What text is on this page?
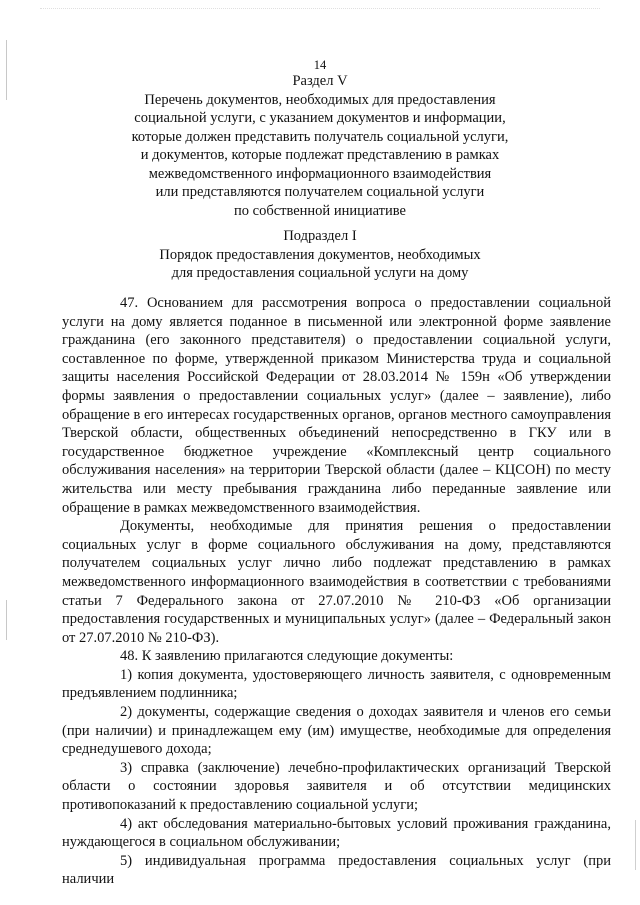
14
Раздел V
Перечень документов, необходимых для предоставления
социальной услуги, с указанием документов и информации,
которые должен представить получатель социальной услуги,
и документов, которые подлежат представлению в рамках
межведомственного информационного взаимодействия
или представляются получателем социальной услуги
по собственной инициативе
Подраздел I
Порядок предоставления документов, необходимых
для предоставления социальной услуги на дому

47. Основанием для рассмотрения вопроса о предоставлении социальной услуги на дому является поданное в письменной или электронной форме заявление гражданина (его законного представителя) о предоставлении социальной услуги, составленное по форме, утвержденной приказом Министерства труда и социальной защиты населения Российской Федерации от 28.03.2014 № 159н «Об утверждении формы заявления о предоставлении социальных услуг» (далее – заявление), либо обращение в его интересах государственных органов, органов местного самоуправления Тверской области, общественных объединений непосредственно в ГКУ или в государственное бюджетное учреждение «Комплексный центр социального обслуживания населения» на территории Тверской области (далее – КЦСОН) по месту жительства или месту пребывания гражданина либо переданные заявление или обращение в рамках межведомственного взаимодействия.

Документы, необходимые для принятия решения о предоставлении социальных услуг в форме социального обслуживания на дому, представляются получателем социальных услуг лично либо подлежат представлению в рамках межведомственного информационного взаимодействия в соответствии с требованиями статьи 7 Федерального закона от 27.07.2010 № 210-ФЗ «Об организации предоставления государственных и муниципальных услуг» (далее – Федеральный закон от 27.07.2010 № 210-ФЗ).

48. К заявлению прилагаются следующие документы:

1) копия документа, удостоверяющего личность заявителя, с одновременным предъявлением подлинника;

2) документы, содержащие сведения о доходах заявителя и членов его семьи (при наличии) и принадлежащем ему (им) имуществе, необходимые для определения среднедушевого дохода;

3) справка (заключение) лечебно-профилактических организаций Тверской области о состоянии здоровья заявителя и об отсутствии медицинских противопоказаний к предоставлению социальной услуги;

4) акт обследования материально-бытовых условий проживания гражданина, нуждающегося в социальном обслуживании;

5) индивидуальная программа предоставления социальных услуг (при наличии
